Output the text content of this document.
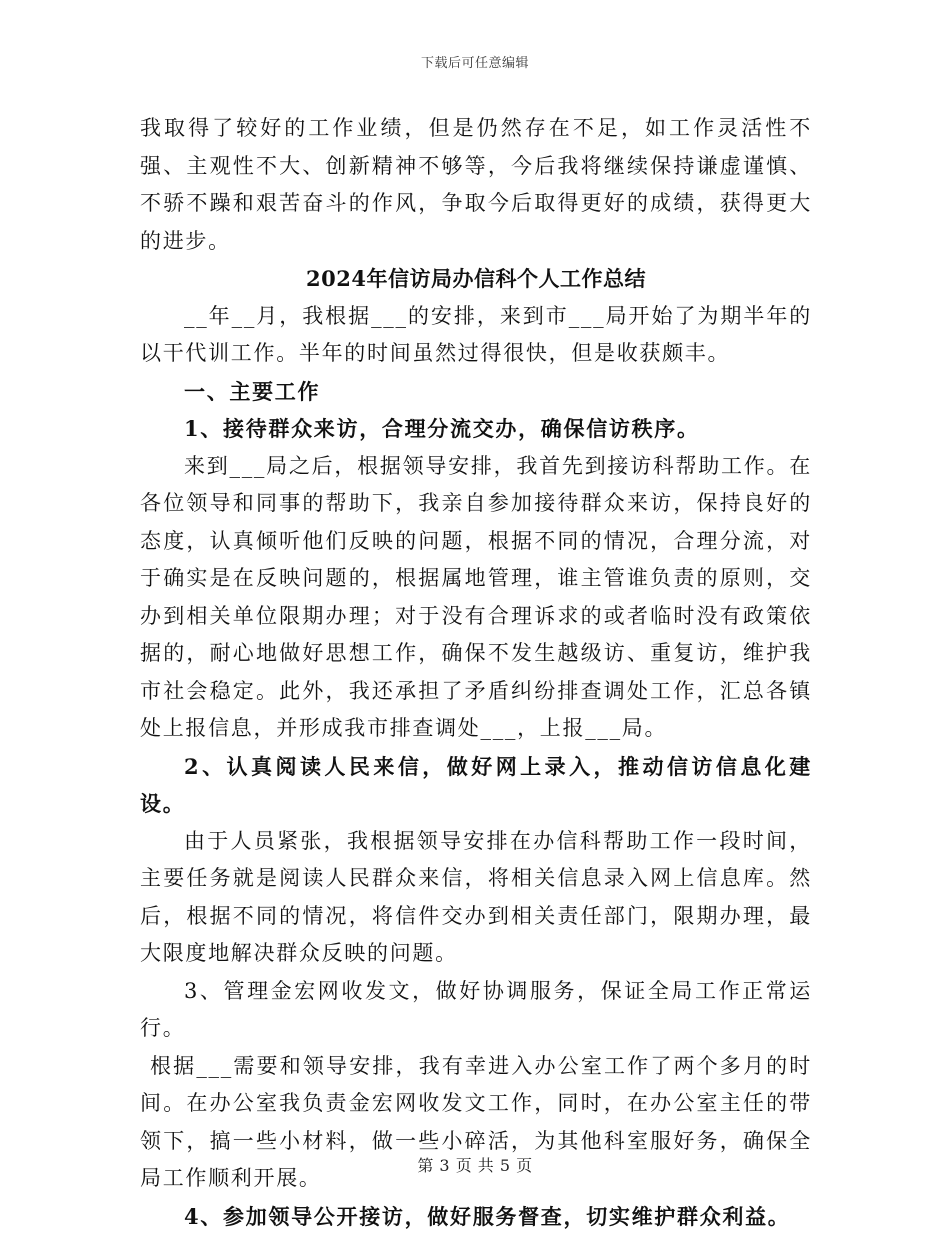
下载后可任意编辑

我取得了较好的工作业绩，但是仍然存在不足，如工作灵活性不强、主观性不大、创新精神不够等，今后我将继续保持谦虚谨慎、不骄不躁和艰苦奋斗的作风，争取今后取得更好的成绩，获得更大的进步。

2024年信访局办信科个人工作总结

__年__月，我根据___的安排，来到市___局开始了为期半年的以干代训工作。半年的时间虽然过得很快，但是收获颇丰。

一、主要工作

1、接待群众来访，合理分流交办，确保信访秩序。

来到___局之后，根据领导安排，我首先到接访科帮助工作。在各位领导和同事的帮助下，我亲自参加接待群众来访，保持良好的态度，认真倾听他们反映的问题，根据不同的情况，合理分流，对于确实是在反映问题的，根据属地管理，谁主管谁负责的原则，交办到相关单位限期办理；对于没有合理诉求的或者临时没有政策依据的，耐心地做好思想工作，确保不发生越级访、重复访，维护我市社会稳定。此外，我还承担了矛盾纠纷排查调处工作，汇总各镇处上报信息，并形成我市排查调处___，上报___局。

2、认真阅读人民来信，做好网上录入，推动信访信息化建设。

由于人员紧张，我根据领导安排在办信科帮助工作一段时间，主要任务就是阅读人民群众来信，将相关信息录入网上信息库。然后，根据不同的情况，将信件交办到相关责任部门，限期办理，最大限度地解决群众反映的问题。

3、管理金宏网收发文，做好协调服务，保证全局工作正常运行。

根据___需要和领导安排，我有幸进入办公室工作了两个多月的时间。在办公室我负责金宏网收发文工作，同时，在办公室主任的带领下，搞一些小材料，做一些小碎活，为其他科室服好务，确保全局工作顺利开展。

4、参加领导公开接访，做好服务督查，切实维护群众利益。

第 3 页 共 5 页
